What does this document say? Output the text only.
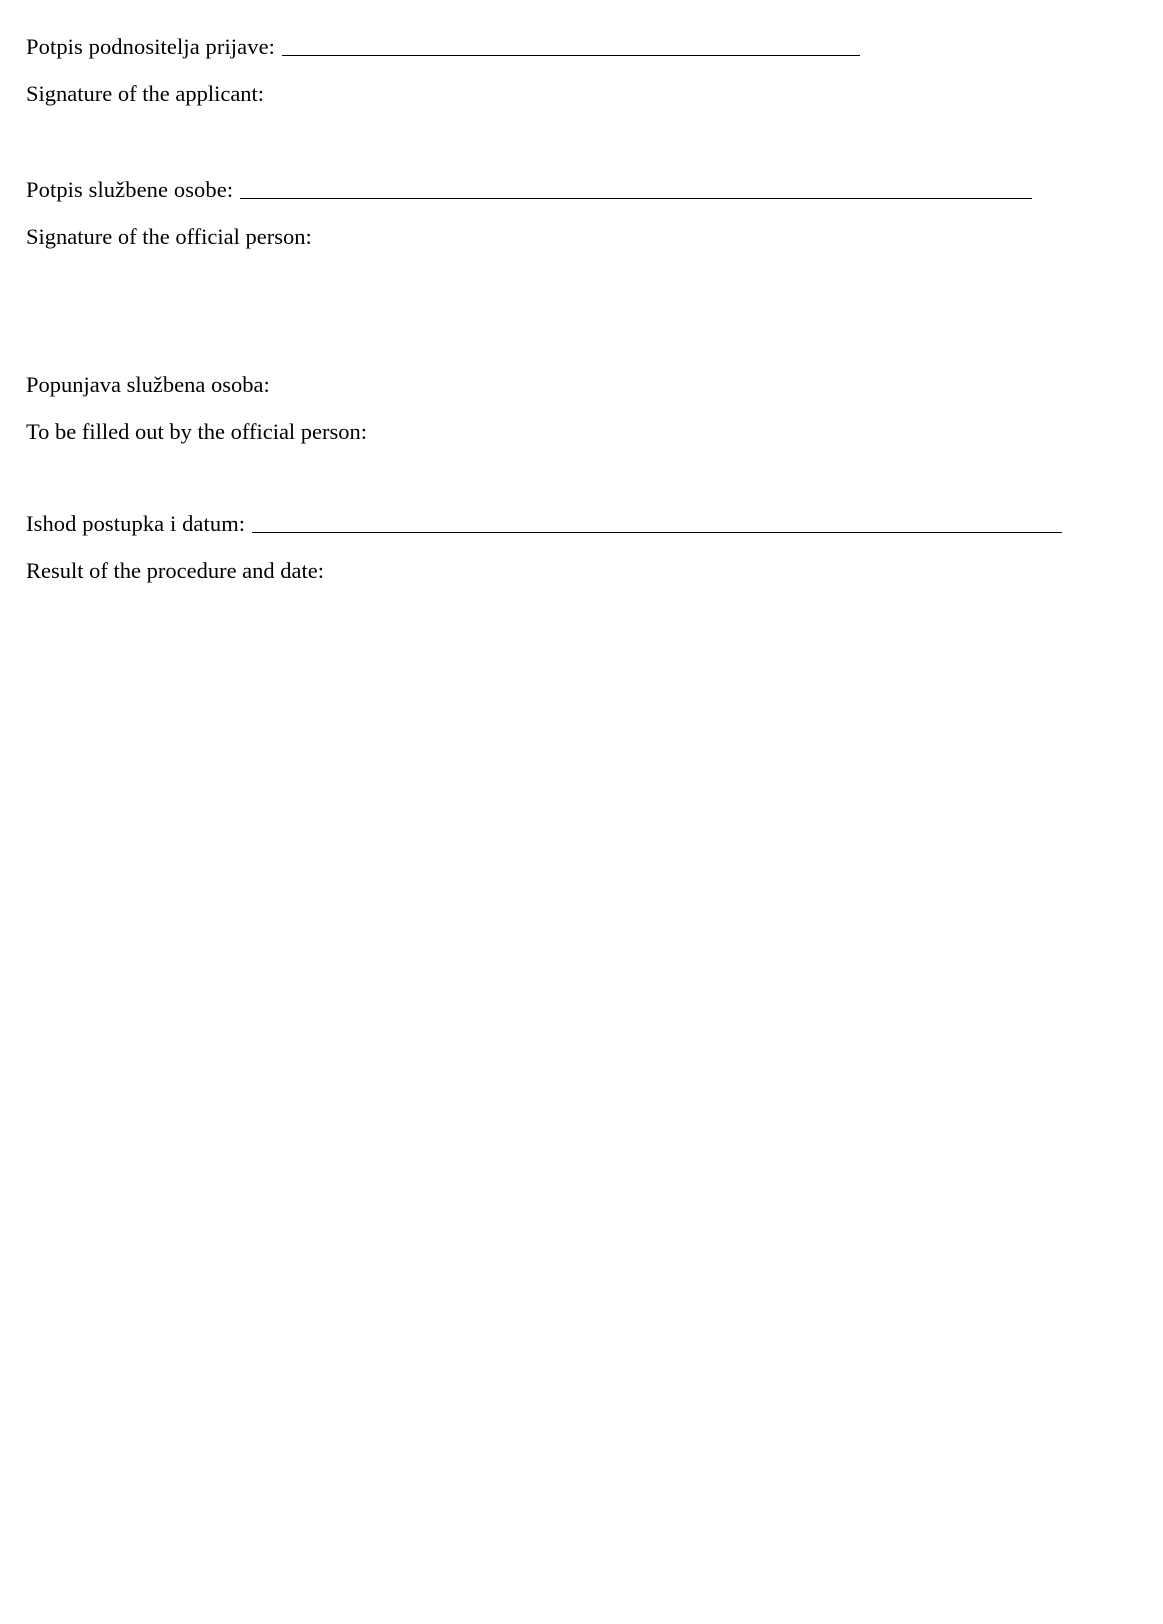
Potpis podnositelja prijave:
Signature of the applicant:
Potpis službene osobe:
Signature of the official person:
Popunjava službena osoba:
To be filled out by the official person:
Ishod postupka i datum:
Result of the procedure and date:
